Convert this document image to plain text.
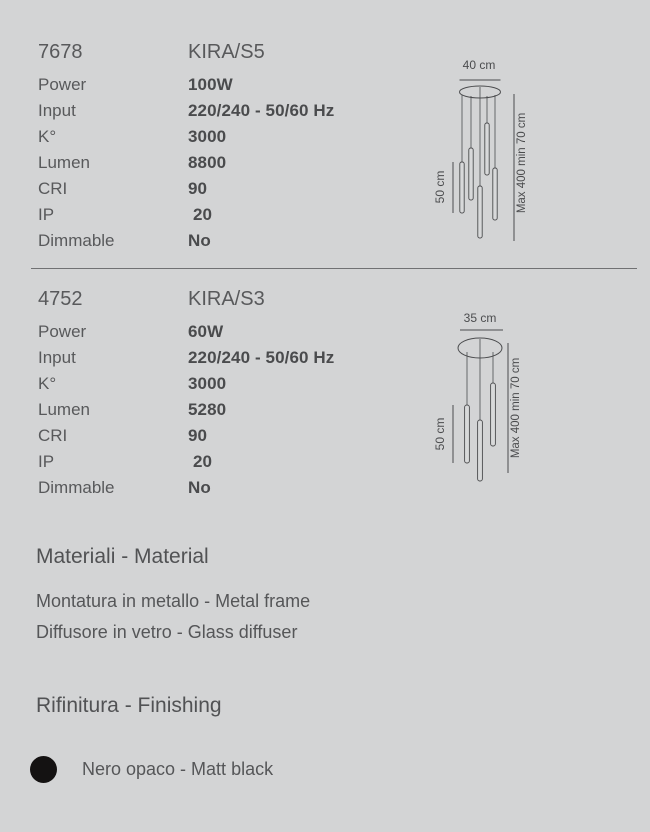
7678	KIRA/S5
Power	100W
Input	220/240 - 50/60 Hz
K°	3000
Lumen	8800
CRI	90
IP	20
Dimmable	No
40 cm
50 cm	Max 400 min 70 cm
4752	KIRA/S3
Power	60W
Input	220/240 - 50/60 Hz
K°	3000
Lumen	5280
CRI	90
IP	20
Dimmable	No
35 cm
50 cm	Max 400 min 70 cm
Materiali - Material
Montatura in metallo - Metal frame
Diffusore in vetro - Glass diffuser
Rifinitura - Finishing
Nero opaco - Matt black
